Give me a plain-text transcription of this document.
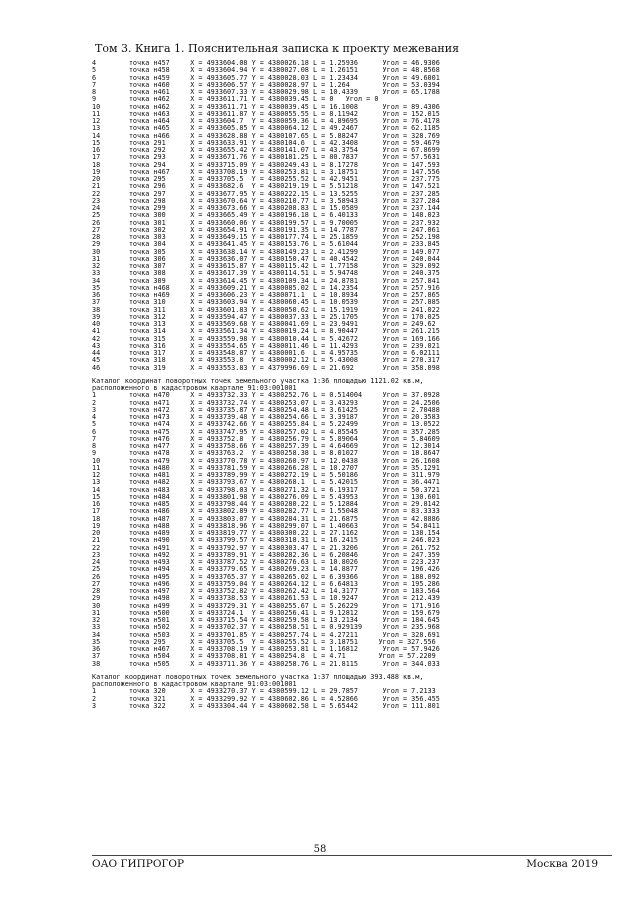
Том 3. Книга 1. Пояснительная записка к проекту межевания
4        точка н457     X = 4933604.08 Y = 4380026.18 L = 1.25936      Угол = 46.9306
5        точка н458     X = 4933604.94 Y = 4380027.08 L = 1.26151      Угол = 48.8568
6        точка н459     X = 4933605.77 Y = 4380028.03 L = 1.23434      Угол = 49.6001
7        точка н460     X = 4933606.57 Y = 4380028.97 L = 1.264        Угол = 53.0394
8        точка н461     X = 4933607.33 Y = 4380029.98 L = 10.4339      Угол = 65.1788
9        точка н462     X = 4933611.71 Y = 4380039.45 L = 0   Угол = 0
10       точка н462     X = 4933611.71 Y = 4380039.45 L = 16.1008      Угол = 89.4306
11       точка н463     X = 4933611.87 Y = 4380055.55 L = 8.11942      Угол = 152.015
12       точка н464     X = 4933604.7  Y = 4380059.36 L = 4.89695      Угол = 76.4178
13       точка н465     X = 4933605.85 Y = 4380064.12 L = 49.2467      Угол = 62.1185
14       точка н466     X = 4933628.88 Y = 4380107.65 L = 5.88247      Угол = 328.769
15       точка 291      X = 4933633.91 Y = 4380104.6  L = 42.3408      Угол = 59.4679
16       точка 292      X = 4933655.42 Y = 4380141.07 L = 43.3754      Угол = 67.8699
17       точка 293      X = 4933671.76 Y = 4380181.25 L = 80.7837      Угол = 57.5631
18       точка 294      X = 4933715.09 Y = 4380249.43 L = 8.17278      Угол = 147.593
19       точка н467     X = 4933708.19 Y = 4380253.81 L = 3.18751      Угол = 147.556
20       точка 295      X = 4933705.5  Y = 4380255.52 L = 42.9451      Угол = 237.775
21       точка 296      X = 4933682.6  Y = 4380219.19 L = 5.51218      Угол = 147.521
22       точка 297      X = 4933677.95 Y = 4380222.15 L = 13.5255      Угол = 237.285
23       точка 298      X = 4933670.64 Y = 4380210.77 L = 3.58943      Угол = 327.284
24       точка 299      X = 4933673.66 Y = 4380208.83 L = 15.0589      Угол = 237.144
25       точка 300      X = 4933665.49 Y = 4380196.18 L = 6.40133      Угол = 148.023
26       точка 301      X = 4933660.06 Y = 4380199.57 L = 9.70005      Угол = 237.932
27       точка 302      X = 4933654.91 Y = 4380191.35 L = 14.7787      Угол = 247.061
28       точка 303      X = 4933649.15 Y = 4380177.74 L = 25.1859      Угол = 252.198
29       точка 304      X = 4933641.45 Y = 4380153.76 L = 5.61044      Угол = 233.845
30       точка 305      X = 4933638.14 Y = 4380149.23 L = 2.41299      Угол = 149.077
31       точка 306      X = 4933636.07 Y = 4380150.47 L = 40.4542      Угол = 240.044
32       точка 307      X = 4933615.87 Y = 4380115.42 L = 1.77158      Угол = 329.092
33       точка 308      X = 4933617.39 Y = 4380114.51 L = 5.94748      Угол = 240.375
34       точка 309      X = 4933614.45 Y = 4380109.34 L = 24.8781      Угол = 257.841
35       точка н468     X = 4933609.21 Y = 4380085.02 L = 14.2354      Угол = 257.916
36       точка н469     X = 4933606.23 Y = 4380071.1  L = 10.8934      Угол = 257.865
37       точка 310      X = 4933603.94 Y = 4380060.45 L = 10.0539      Угол = 257.885
38       точка 311      X = 4933601.83 Y = 4380050.62 L = 15.1919      Угол = 241.022
39       точка 312      X = 4933594.47 Y = 4380037.33 L = 25.1705      Угол = 170.025
40       точка 313      X = 4933569.68 Y = 4380041.69 L = 23.9491      Угол = 249.62
41       точка 314      X = 4933561.34 Y = 4380019.24 L = 8.90447      Угол = 261.215
42       точка 315      X = 4933559.98 Y = 4380010.44 L = 5.42672      Угол = 169.166
43       точка 316      X = 4933554.65 Y = 4380011.46 L = 11.4293      Угол = 239.021
44       точка 317      X = 4933548.87 Y = 4380001.6  L = 4.95735      Угол = 6.02111
45       точка 318      X = 4933553.8  Y = 4380002.12 L = 5.43008      Угол = 270.317
46       точка 319      X = 4933553.83 Y = 4379996.69 L = 21.692       Угол = 358.098
Каталог координат поворотных точек земельного участка 1:36 площадью 1121.02 кв.м,
расположенного в кадастровом квартале 91:03:001001
1        точка н470     X = 4933732.33 Y = 4380252.76 L = 0.514004     Угол = 37.0928
2        точка н471     X = 4933732.74 Y = 4380253.07 L = 3.43293      Угол = 24.2506
3        точка н472     X = 4933735.87 Y = 4380254.48 L = 3.61425      Угол = 2.70488
4        точка н473     X = 4933739.48 Y = 4380254.66 L = 3.39187      Угол = 20.3583
5        точка н474     X = 4933742.66 Y = 4380255.84 L = 5.22499      Угол = 13.0522
6        точка н475     X = 4933747.95 Y = 4380257.02 L = 4.85545      Угол = 357.285
7        точка н476     X = 4933752.8  Y = 4380256.79 L = 5.89064      Угол = 5.84609
8        точка н477     X = 4933758.66 Y = 4380257.39 L = 4.64669      Угол = 12.3014
9        точка н478     X = 4933763.2  Y = 4380258.38 L = 8.01027      Угол = 18.8647
10       точка н479     X = 4933770.78 Y = 4380260.97 L = 12.0438      Угол = 26.1608
11       точка н480     X = 4933781.59 Y = 4380266.28 L = 10.2707      Угол = 35.1291
12       точка н481     X = 4933789.99 Y = 4380272.19 L = 5.50186      Угол = 311.979
13       точка н482     X = 4933793.67 Y = 4380268.1  L = 5.42015      Угол = 36.4471
14       точка н483     X = 4933798.03 Y = 4380271.32 L = 6.19317      Угол = 50.3721
15       точка н484     X = 4933801.98 Y = 4380276.09 L = 5.43953      Угол = 130.601
16       точка н485     X = 4933798.44 Y = 4380280.22 L = 5.12884      Угол = 29.8142
17       точка н486     X = 4933802.89 Y = 4380282.77 L = 1.55048      Угол = 83.3333
18       точка н487     X = 4933803.07 Y = 4380284.31 L = 21.6875      Угол = 42.8886
19       точка н488     X = 4933818.96 Y = 4380299.07 L = 1.40663      Угол = 54.8411
20       точка н489     X = 4933819.77 Y = 4380300.22 L = 27.1162      Угол = 138.154
21       точка н490     X = 4933799.57 Y = 4380318.31 L = 16.2415      Угол = 246.023
22       точка н491     X = 4933792.97 Y = 4380303.47 L = 21.3206      Угол = 261.752
23       точка н492     X = 4933789.91 Y = 4380282.36 L = 6.20846      Угол = 247.359
24       точка н493     X = 4933787.52 Y = 4380276.63 L = 10.8026      Угол = 223.237
25       точка н494     X = 4933779.65 Y = 4380269.23 L = 14.8877      Угол = 196.426
26       точка н495     X = 4933765.37 Y = 4380265.02 L = 6.39366      Угол = 188.092
27       точка н496     X = 4933759.04 Y = 4380264.12 L = 6.64813      Угол = 195.286
28       точка н497     X = 4933752.82 Y = 4380262.42 L = 14.3177      Угол = 183.564
29       точка н498     X = 4933738.53 Y = 4380261.53 L = 10.9247      Угол = 212.439
30       точка н499     X = 4933729.31 Y = 4380255.67 L = 5.26229      Угол = 171.916
31       точка н500     X = 4933724.1  Y = 4380256.41 L = 9.12812      Угол = 159.679
32       точка н501     X = 4933715.54 Y = 4380259.58 L = 13.2134      Угол = 184.645
33       точка н502     X = 4933702.37 Y = 4380258.51 L = 0.929139     Угол = 235.968
34       точка н503     X = 4933701.85 Y = 4380257.74 L = 4.27211      Угол = 328.691
35       точка 295      X = 4933705.5  Y = 4380255.52 L = 3.18751     Угол = 327.556
36       точка н467     X = 4933708.19 Y = 4380253.81 L = 1.16812      Угол = 57.9426
37       точка н504     X = 4933708.81 Y = 4380254.8  L = 4.71        Угол = 57.2209
38       точка н505     X = 4933711.36 Y = 4380258.76 L = 21.8115      Угол = 344.033
Каталог координат поворотных точек земельного участка 1:37 площадью 393.488 кв.м,
расположенного в кадастровом квартале 91:03:001001
1        точка 320      X = 4933270.37 Y = 4380599.12 L = 29.7857      Угол = 7.2133
2        точка 321      X = 4933299.92 Y = 4380602.86 L = 4.52866      Угол = 356.455
3        точка 322      X = 4933304.44 Y = 4380602.58 L = 5.65442      Угол = 111.801
58
ОАО ГИПРОГОР	Москва 2019
